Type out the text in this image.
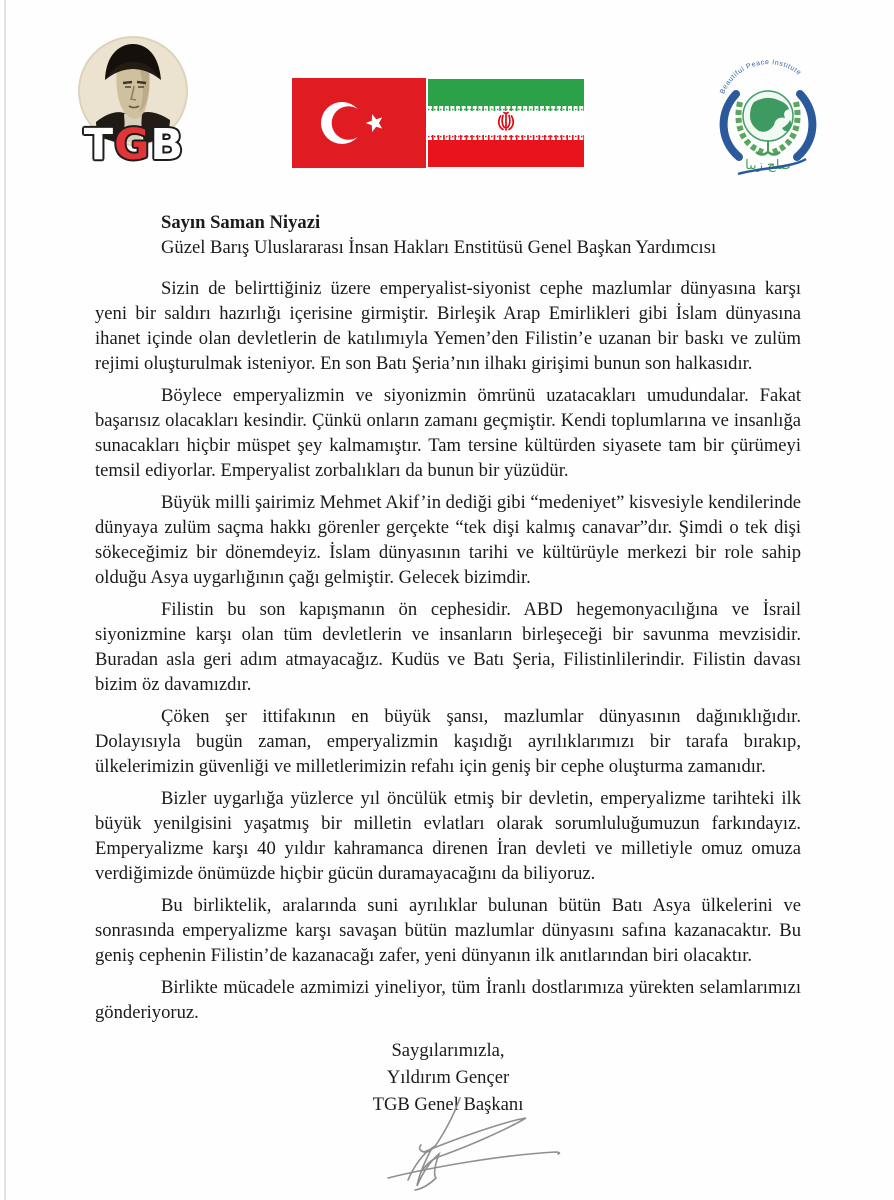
TGB
Beautiful Peace Institute
صلح زیبا
Sayın Saman Niyazi
Güzel Barış Uluslararası İnsan Hakları Enstitüsü Genel Başkan Yardımcısı

Sizin de belirttiğiniz üzere emperyalist-siyonist cephe mazlumlar dünyasına karşı yeni bir saldırı hazırlığı içerisine girmiştir. Birleşik Arap Emirlikleri gibi İslam dünyasına ihanet içinde olan devletlerin de katılımıyla Yemen’den Filistin’e uzanan bir baskı ve zulüm rejimi oluşturulmak isteniyor. En son Batı Şeria’nın ilhakı girişimi bunun son halkasıdır.

Böylece emperyalizmin ve siyonizmin ömrünü uzatacakları umudundalar. Fakat başarısız olacakları kesindir. Çünkü onların zamanı geçmiştir. Kendi toplumlarına ve insanlığa sunacakları hiçbir müspet şey kalmamıştır. Tam tersine kültürden siyasete tam bir çürümeyi temsil ediyorlar. Emperyalist zorbalıkları da bunun bir yüzüdür.

Büyük milli şairimiz Mehmet Akif’in dediği gibi “medeniyet” kisvesiyle kendilerinde dünyaya zulüm saçma hakkı görenler gerçekte “tek dişi kalmış canavar”dır. Şimdi o tek dişi sökeceğimiz bir dönemdeyiz. İslam dünyasının tarihi ve kültürüyle merkezi bir role sahip olduğu Asya uygarlığının çağı gelmiştir. Gelecek bizimdir.

Filistin bu son kapışmanın ön cephesidir. ABD hegemonyacılığına ve İsrail siyonizmine karşı olan tüm devletlerin ve insanların birleşeceği bir savunma mevzisidir. Buradan asla geri adım atmayacağız. Kudüs ve Batı Şeria, Filistinlilerindir. Filistin davası bizim öz davamızdır.

Çöken şer ittifakının en büyük şansı, mazlumlar dünyasının dağınıklığıdır. Dolayısıyla bugün zaman, emperyalizmin kaşıdığı ayrılıklarımızı bir tarafa bırakıp, ülkelerimizin güvenliği ve milletlerimizin refahı için geniş bir cephe oluşturma zamanıdır.

Bizler uygarlığa yüzlerce yıl öncülük etmiş bir devletin, emperyalizme tarihteki ilk büyük yenilgisini yaşatmış bir milletin evlatları olarak sorumluluğumuzun farkındayız. Emperyalizme karşı 40 yıldır kahramanca direnen İran devleti ve milletiyle omuz omuza verdiğimizde önümüzde hiçbir gücün duramayacağını da biliyoruz.

Bu birliktelik, aralarında suni ayrılıklar bulunan bütün Batı Asya ülkelerini ve sonrasında emperyalizme karşı savaşan bütün mazlumlar dünyasını safına kazanacaktır. Bu geniş cephenin Filistin’de kazanacağı zafer, yeni dünyanın ilk anıtlarından biri olacaktır.

Birlikte mücadele azmimizi yineliyor, tüm İranlı dostlarımıza yürekten selamlarımızı gönderiyoruz.

Saygılarımızla,
Yıldırım Gençer
TGB Genel Başkanı
